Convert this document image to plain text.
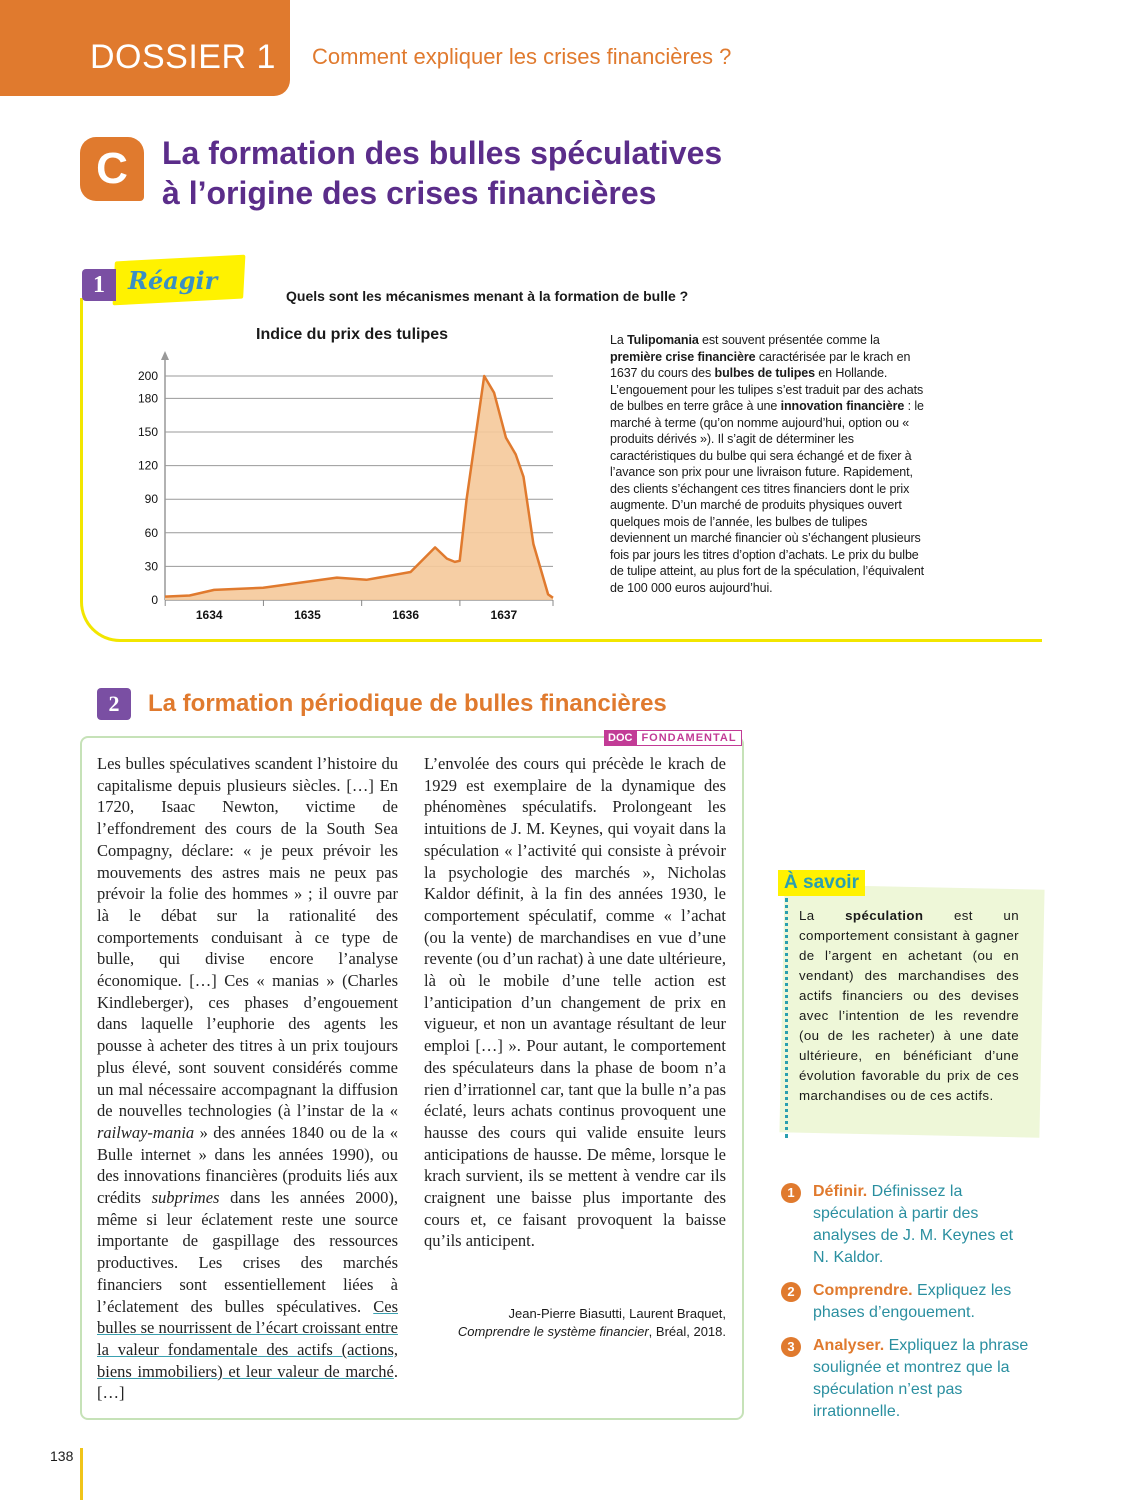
DOSSIER 1 Comment expliquer les crises financières ?
C	La formation des bulles spéculatives
à l’origine des crises financières
1 Réagir
Quels sont les mécanismes menant à la formation de bulle ?
Indice du prix des tulipes
0
30
60
90
120
150
180
200
1634	1635	1636	1637
La Tulipomania est souvent présentée comme la première crise financière caractérisée par le krach en 1637 du cours des bulbes de tulipes en Hollande. L’engouement pour les tulipes s’est traduit par des achats de bulbes en terre grâce à une innovation financière : le marché à terme (qu’on nomme aujourd’hui, option ou « produits dérivés »). Il s’agit de déterminer les caractéristiques du bulbe qui sera échangé et de fixer à l’avance son prix pour une livraison future. Rapidement, des clients s’échangent ces titres financiers dont le prix augmente. D’un marché de produits physiques ouvert quelques mois de l’année, les bulbes de tulipes deviennent un marché financier où s’échangent plusieurs fois par jours les titres d’option d’achats. Le prix du bulbe de tulipe atteint, au plus fort de la spéculation, l’équivalent de 100 000 euros aujourd’hui.
2	La formation périodique de bulles financières
DOC FONDAMENTAL
Les bulles spéculatives scandent l’histoire du capitalisme depuis plusieurs siècles. […] En 1720, Isaac Newton, victime de l’effondrement des cours de la South Sea Compagny, déclare: « je peux prévoir les mouvements des astres mais ne peux pas prévoir la folie des hommes » ; il ouvre par là le débat sur la rationalité des comportements conduisant à ce type de bulle, qui divise encore l’analyse économique. […] Ces « manias » (Charles Kindleberger), ces phases d’engouement dans laquelle l’euphorie des agents les pousse à acheter des titres à un prix toujours plus élevé, sont souvent considérés comme un mal nécessaire accompagnant la diffusion de nouvelles technologies (à l’instar de la « railway-mania » des années 1840 ou de la « Bulle internet » dans les années 1990), ou des innovations financières (produits liés aux crédits subprimes dans les années 2000), même si leur éclatement reste une source importante de gaspillage des ressources productives. Les crises des marchés financiers sont essentiellement liées à l’éclatement des bulles spéculatives. Ces bulles se nourrissent de l’écart croissant entre la valeur fondamentale des actifs (actions, biens immobiliers) et leur valeur de marché. […]
L’envolée des cours qui précède le krach de 1929 est exemplaire de la dynamique des phénomènes spéculatifs. Prolongeant les intuitions de J. M. Keynes, qui voyait dans la spéculation « l’activité qui consiste à prévoir la psychologie des marchés », Nicholas Kaldor définit, à la fin des années 1930, le comportement spéculatif, comme « l’achat (ou la vente) de marchandises en vue d’une revente (ou d’un rachat) à une date ultérieure, là où le mobile d’une telle action est l’anticipation d’un changement de prix en vigueur, et non un avantage résultant de leur emploi […] ». Pour autant, le comportement des spéculateurs dans la phase de boom n’a rien d’irrationnel car, tant que la bulle n’a pas éclaté, leurs achats continus provoquent une hausse des cours qui valide ensuite leurs anticipations de hausse. De même, lorsque le krach survient, ils se mettent à vendre car ils craignent une baisse plus importante des cours et, ce faisant provoquent la baisse qu’ils anticipent.
Jean-Pierre Biasutti, Laurent Braquet,
Comprendre le système financier, Bréal, 2018.
À savoir
La spéculation est un comportement consistant à gagner de l’argent en achetant (ou en vendant) des marchandises des actifs financiers ou des devises avec l’intention de les revendre (ou de les racheter) à une date ultérieure, en bénéficiant d’une évolution favorable du prix de ces marchandises ou de ces actifs.
1	Définir. Définissez la spéculation à partir des analyses de J. M. Keynes et N. Kaldor.
2	Comprendre. Expliquez les phases d’engouement.
3	Analyser. Expliquez la phrase soulignée et montrez que la spéculation n’est pas irrationnelle.
138
